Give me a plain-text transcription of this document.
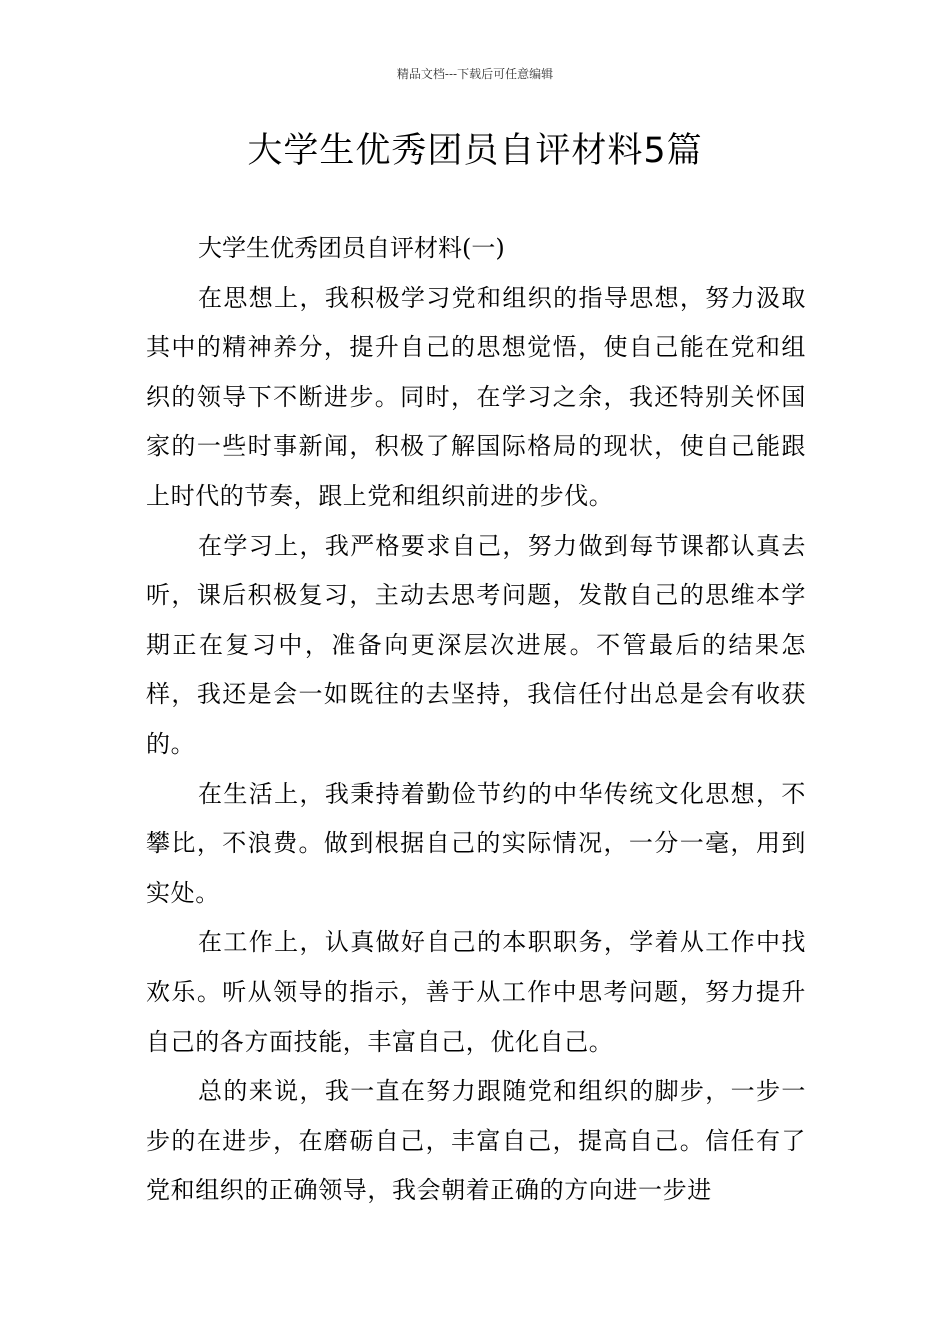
精品文档---下载后可任意编辑
大学生优秀团员自评材料5篇

大学生优秀团员自评材料(一)

在思想上，我积极学习党和组织的指导思想，努力汲取其中的精神养分，提升自己的思想觉悟，使自己能在党和组织的领导下不断进步。同时，在学习之余，我还特别关怀国家的一些时事新闻，积极了解国际格局的现状，使自己能跟上时代的节奏，跟上党和组织前进的步伐。

在学习上，我严格要求自己，努力做到每节课都认真去听，课后积极复习，主动去思考问题，发散自己的思维本学期正在复习中，准备向更深层次进展。不管最后的结果怎样，我还是会一如既往的去坚持，我信任付出总是会有收获的。

在生活上，我秉持着勤俭节约的中华传统文化思想，不攀比，不浪费。做到根据自己的实际情况，一分一毫，用到实处。

在工作上，认真做好自己的本职职务，学着从工作中找欢乐。听从领导的指示，善于从工作中思考问题，努力提升自己的各方面技能，丰富自己，优化自己。

总的来说，我一直在努力跟随党和组织的脚步，一步一步的在进步，在磨砺自己，丰富自己，提高自己。信任有了党和组织的正确领导，我会朝着正确的方向进一步进
